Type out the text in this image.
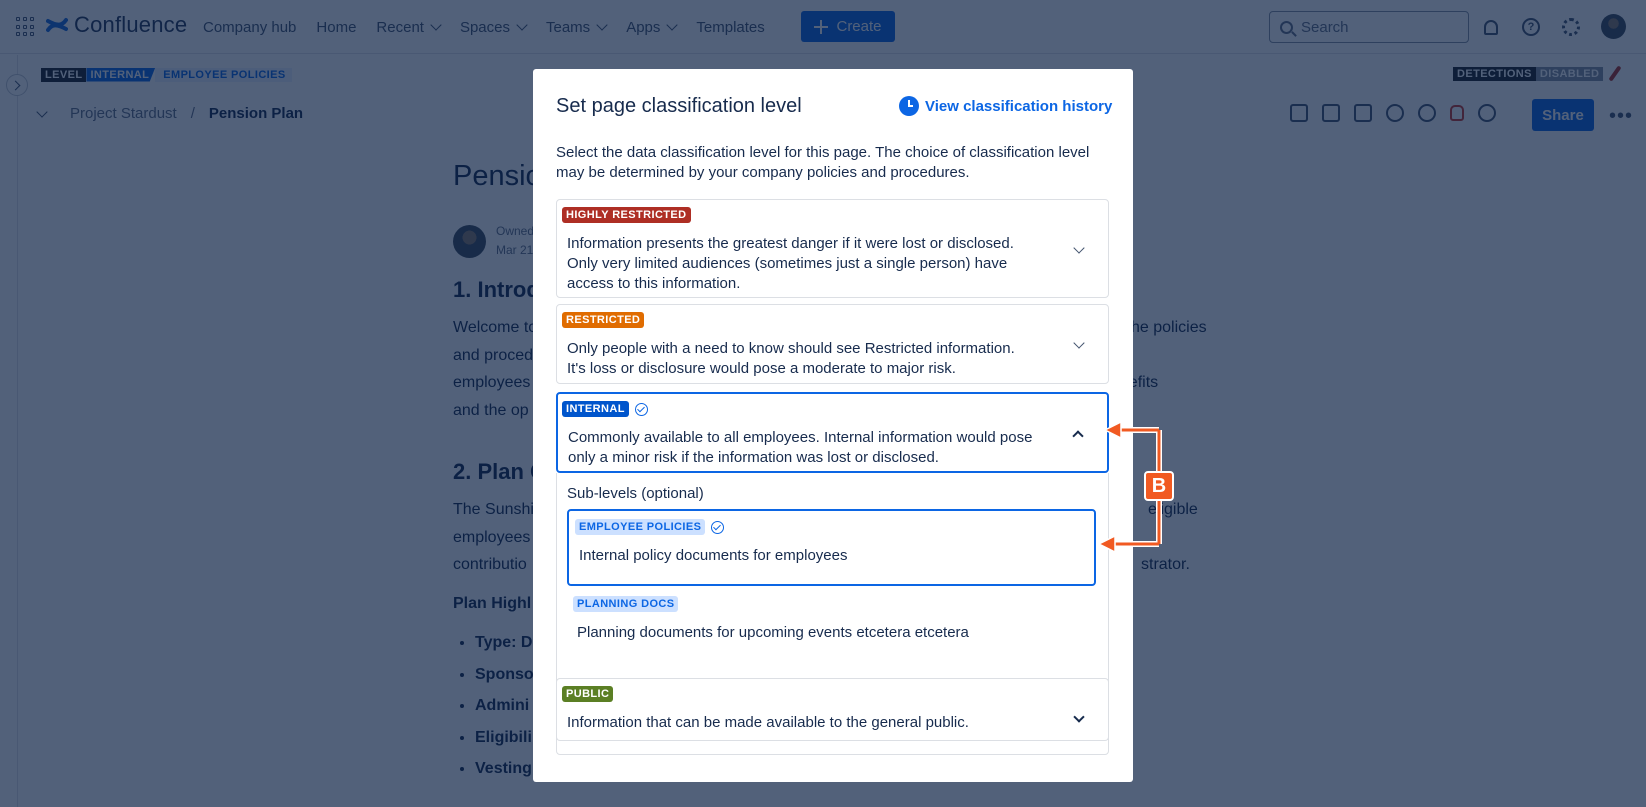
•
•
•
•
•
Set page classification level	View classification history
Select the data classification level for this page. The choice of classification level may be determined by your company policies and procedures.
HIGHLY RESTRICTED
Information presents the greatest danger if it were lost or disclosed. Only very limited audiences (sometimes just a single person) have access to this information.
RESTRICTED
Only people with a need to know should see Restricted information. It's loss or disclosure would pose a moderate to major risk.
INTERNAL
Commonly available to all employees. Internal information would pose only a minor risk if the information was lost or disclosed.
Sub-levels (optional)
EMPLOYEE POLICIES
Internal policy documents for employees
PLANNING DOCS
Planning documents for upcoming events etcetera etcetera
PUBLIC
Information that can be made available to the general public.
B
